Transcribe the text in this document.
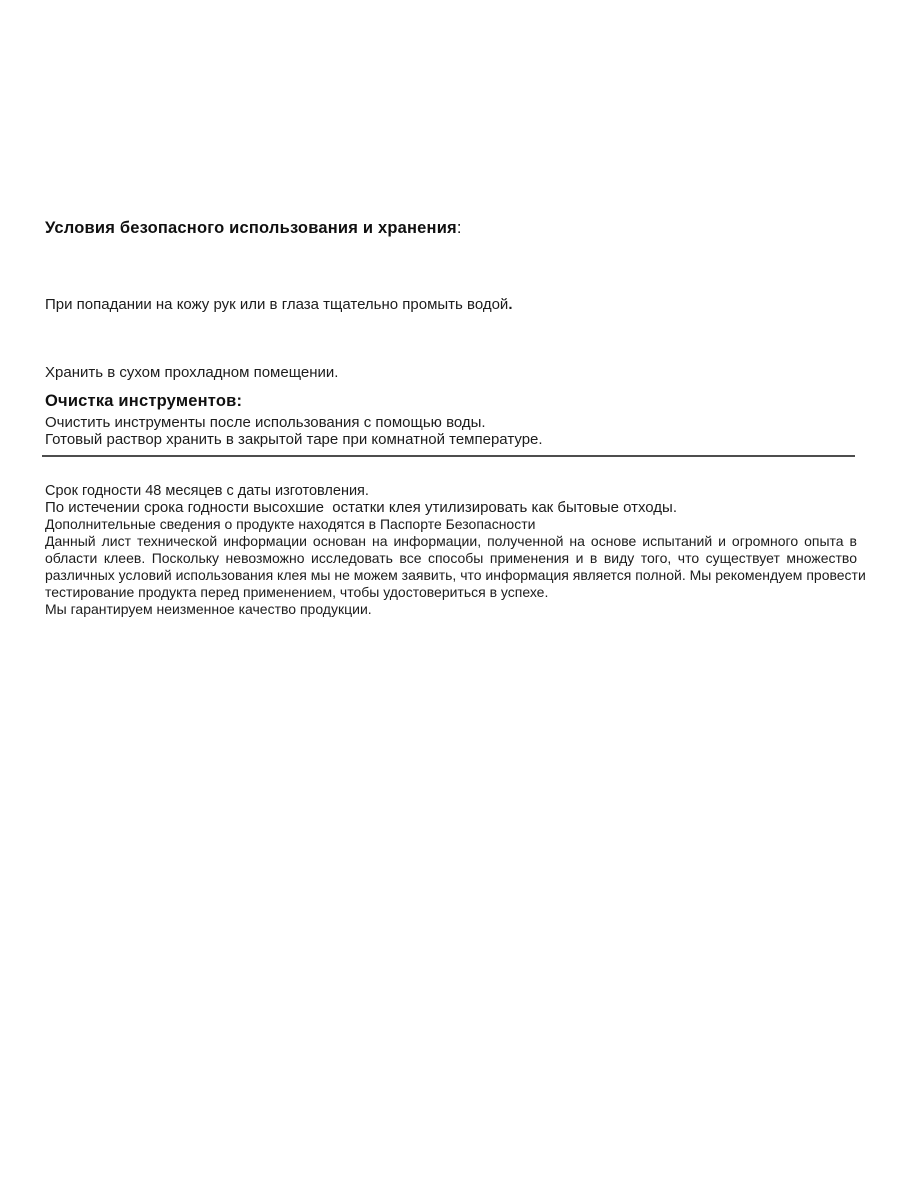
Условия безопасного использования и хранения:

При попадании на кожу рук или в глаза тщательно промыть водой.

Хранить в сухом прохладном помещении.

Готовый раствор хранить в закрытой таре при комнатной температуре.

По истечении срока годности высохшие  остатки клея утилизировать как бытовые отходы.

Очистка инструментов:
Очистить инструменты после использования с помощью воды.
Срок годности 48 месяцев с даты изготовления.
Дополнительные сведения о продукте находятся в Паспорте Безопасности
Данный лист технической информации основан на информации, полученной на основе испытаний и огромного опыта в
области клеев. Поскольку невозможно исследовать все способы применения и в виду того, что существует множество
различных условий использования клея мы не можем заявить, что информация является полной. Мы рекомендуем провести
тестирование продукта перед применением, чтобы удостовериться в успехе.
Мы гарантируем неизменное качество продукции.
